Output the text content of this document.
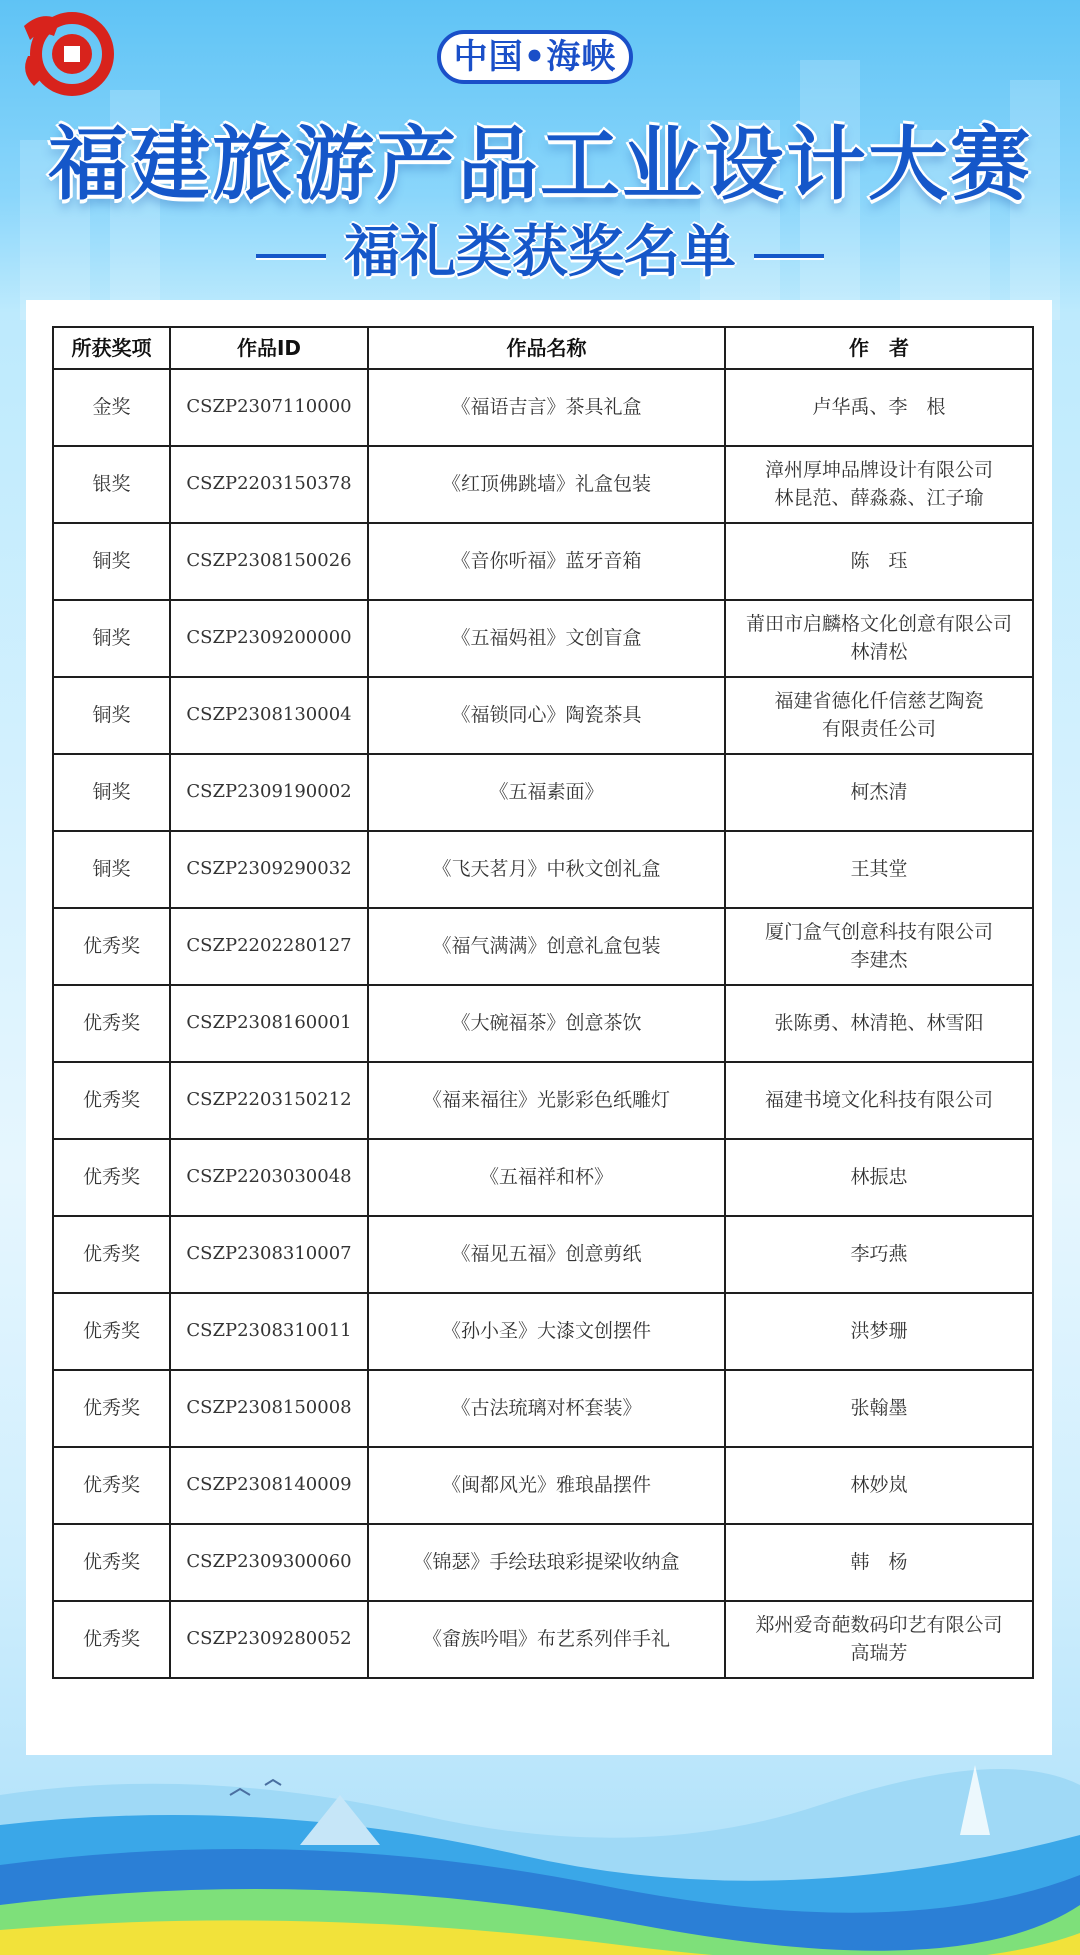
中国•海峡
福建旅游产品工业设计大赛
福礼类获奖名单
所获奖项	作品ID	作品名称	作　者
金奖	CSZP2307110000	《福语吉言》茶具礼盒	卢华禹、李　根

银奖	CSZP2203150378	《红顶佛跳墙》礼盒包装	漳州厚坤品牌设计有限公司
林昆范、薛淼淼、江子瑜

铜奖	CSZP2308150026	《音你听福》蓝牙音箱	陈　珏

铜奖	CSZP2309200000	《五福妈祖》文创盲盒	莆田市启麟格文化创意有限公司
林清松

铜奖	CSZP2308130004	《福锁同心》陶瓷茶具	福建省德化仟信慈艺陶瓷
有限责任公司

铜奖	CSZP2309190002	《五福素面》	柯杰清

铜奖	CSZP2309290032	《飞天茗月》中秋文创礼盒	王其堂

优秀奖	CSZP2202280127	《福气满满》创意礼盒包装	厦门盒气创意科技有限公司
李建杰

优秀奖	CSZP2308160001	《大碗福茶》创意茶饮	张陈勇、林清艳、林雪阳

优秀奖	CSZP2203150212	《福来福往》光影彩色纸雕灯	福建书境文化科技有限公司

优秀奖	CSZP2203030048	《五福祥和杯》	林振忠

优秀奖	CSZP2308310007	《福见五福》创意剪纸	李巧燕

优秀奖	CSZP2308310011	《孙小圣》大漆文创摆件	洪梦珊

优秀奖	CSZP2308150008	《古法琉璃对杯套装》	张翰墨

优秀奖	CSZP2308140009	《闽都风光》雅琅晶摆件	林妙岚

优秀奖	CSZP2309300060	《锦瑟》手绘珐琅彩提梁收纳盒	韩　杨

优秀奖	CSZP2309280052	《畲族吟唱》布艺系列伴手礼	郑州爱奇葩数码印艺有限公司
高瑞芳
